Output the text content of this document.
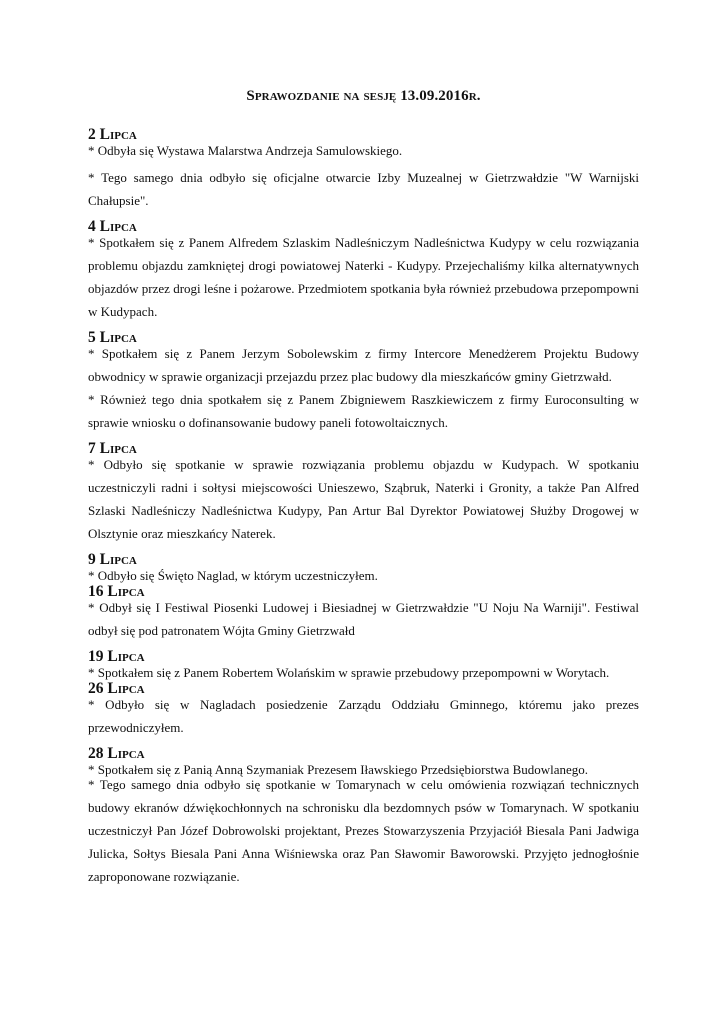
Sprawozdanie na sesję 13.09.2016r.

2 Lipca

* Odbyła się Wystawa Malarstwa Andrzeja Samulowskiego.

* Tego samego dnia odbyło się oficjalne otwarcie Izby Muzealnej w Gietrzwałdzie "W Warnijski Chałupsie".

4 Lipca

* Spotkałem się z Panem Alfredem Szlaskim Nadleśniczym Nadleśnictwa Kudypy w celu rozwiązania problemu objazdu zamkniętej drogi powiatowej Naterki - Kudypy. Przejechaliśmy kilka alternatywnych objazdów przez drogi leśne i pożarowe. Przedmiotem spotkania była również przebudowa przepompowni w Kudypach.

5 Lipca

* Spotkałem się z Panem Jerzym Sobolewskim z firmy Intercore Menedżerem Projektu Budowy obwodnicy w sprawie organizacji przejazdu przez plac budowy dla mieszkańców gminy Gietrzwałd.

* Również tego dnia spotkałem się z Panem Zbigniewem Raszkiewiczem z firmy Euroconsulting w sprawie wniosku o dofinansowanie budowy paneli fotowoltaicznych.

7 Lipca

* Odbyło się spotkanie w sprawie rozwiązania problemu objazdu w Kudypach. W spotkaniu uczestniczyli radni i sołtysi miejscowości Unieszewo, Sząbruk, Naterki i Gronity, a także Pan Alfred Szlaski Nadleśniczy Nadleśnictwa Kudypy, Pan Artur Bal Dyrektor Powiatowej Służby Drogowej w Olsztynie oraz mieszkańcy Naterek.

9 Lipca

* Odbyło się Święto Naglad, w którym uczestniczyłem.

16 Lipca

* Odbył się I Festiwal Piosenki Ludowej i Biesiadnej w Gietrzwałdzie "U Noju Na Warniji". Festiwal odbył się pod patronatem Wójta Gminy Gietrzwałd

19 Lipca

* Spotkałem się z Panem Robertem Wolańskim w sprawie przebudowy przepompowni w Worytach.

26 Lipca

* Odbyło się w Nagladach posiedzenie Zarządu Oddziału Gminnego, któremu jako prezes przewodniczyłem.

28 Lipca

* Spotkałem się z Panią Anną Szymaniak Prezesem Iławskiego Przedsiębiorstwa Budowlanego.

* Tego samego dnia odbyło się spotkanie w Tomarynach w celu omówienia rozwiązań technicznych budowy ekranów dźwiękochłonnych na schronisku dla bezdomnych psów w Tomarynach. W spotkaniu uczestniczył Pan Józef Dobrowolski projektant, Prezes Stowarzyszenia Przyjaciół Biesala Pani Jadwiga Julicka, Sołtys Biesala Pani Anna Wiśniewska oraz Pan Sławomir Baworowski. Przyjęto jednogłośnie zaproponowane rozwiązanie.
